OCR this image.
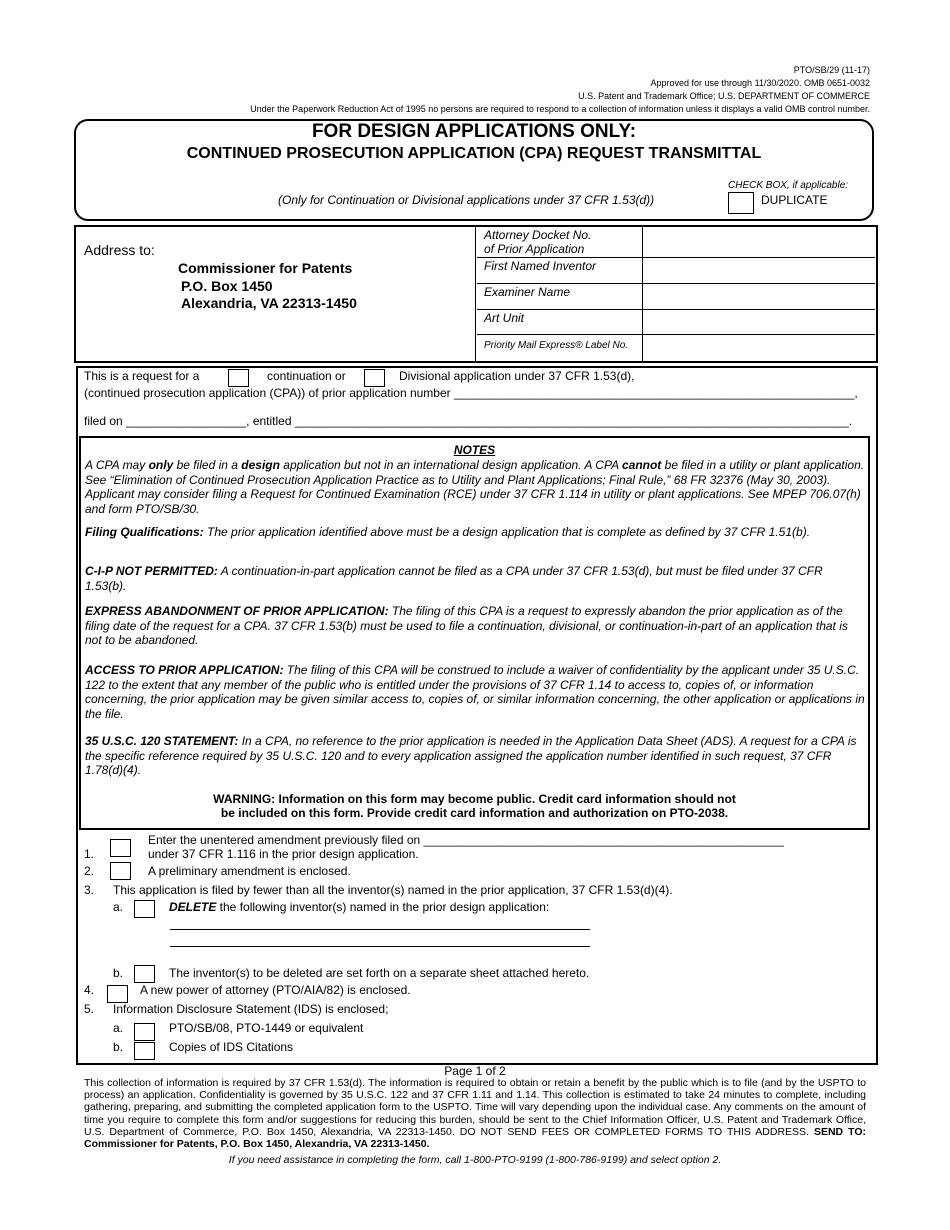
PTO/SB/29 (11-17)
Approved for use through 11/30/2020. OMB 0651-0032
U.S. Patent and Trademark Office; U.S. DEPARTMENT OF COMMERCE
Under the Paperwork Reduction Act of 1995 no persons are required to respond to a collection of information unless it displays a valid OMB control number.
FOR DESIGN APPLICATIONS ONLY:
CONTINUED PROSECUTION APPLICATION (CPA) REQUEST TRANSMITTAL
(Only for Continuation or Divisional applications under 37 CFR 1.53(d))
CHECK BOX, if applicable:
DUPLICATE
Address to:
Commissioner for Patents
P.O. Box 1450
Alexandria, VA 22313-1450
Attorney Docket No.
of Prior Application
First Named Inventor
Examiner Name
Art Unit
Priority Mail Express® Label No.
This is a request for a	continuation or	Divisional application under 37 CFR 1.53(d),
(continued prosecution application (CPA)) of prior application number ____________________________________________________________,
filed on __________________, entitled ___________________________________________________________________________________.
NOTES
A CPA may only be filed in a design application but not in an international design application. A CPA cannot be filed in a utility or plant application. See “Elimination of Continued Prosecution Application Practice as to Utility and Plant Applications; Final Rule,” 68 FR 32376 (May 30, 2003). Applicant may consider filing a Request for Continued Examination (RCE) under 37 CFR 1.114 in utility or plant applications. See MPEP 706.07(h) and form PTO/SB/30.
Filing Qualifications: The prior application identified above must be a design application that is complete as defined by 37 CFR 1.51(b).
C-I-P NOT PERMITTED: A continuation-in-part application cannot be filed as a CPA under 37 CFR 1.53(d), but must be filed under 37 CFR 1.53(b).
EXPRESS ABANDONMENT OF PRIOR APPLICATION: The filing of this CPA is a request to expressly abandon the prior application as of the filing date of the request for a CPA. 37 CFR 1.53(b) must be used to file a continuation, divisional, or continuation-in-part of an application that is not to be abandoned.
ACCESS TO PRIOR APPLICATION: The filing of this CPA will be construed to include a waiver of confidentiality by the applicant under 35 U.S.C. 122 to the extent that any member of the public who is entitled under the provisions of 37 CFR 1.14 to access to, copies of, or information concerning, the prior application may be given similar access to, copies of, or similar information concerning, the other application or applications in the file.
35 U.S.C. 120 STATEMENT: In a CPA, no reference to the prior application is needed in the Application Data Sheet (ADS). A request for a CPA is the specific reference required by 35 U.S.C. 120 and to every application assigned the application number identified in such request, 37 CFR 1.78(d)(4).
WARNING: Information on this form may become public. Credit card information should not
be included on this form. Provide credit card information and authorization on PTO-2038.
1.
Enter the unentered amendment previously filed on ______________________________________________________
under 37 CFR 1.116 in the prior design application.
2.	A preliminary amendment is enclosed.
3. This application is filed by fewer than all the inventor(s) named in the prior application, 37 CFR 1.53(d)(4).
a.	DELETE the following inventor(s) named in the prior design application:
b.	The inventor(s) to be deleted are set forth on a separate sheet attached hereto.
4.	A new power of attorney (PTO/AIA/82) is enclosed.
5. Information Disclosure Statement (IDS) is enclosed;
a.	PTO/SB/08, PTO-1449 or equivalent
b.	Copies of IDS Citations
Page 1 of 2
This collection of information is required by 37 CFR 1.53(d). The information is required to obtain or retain a benefit by the public which is to file (and by the USPTO to process) an application. Confidentiality is governed by 35 U.S.C. 122 and 37 CFR 1.11 and 1.14. This collection is estimated to take 24 minutes to complete, including gathering, preparing, and submitting the completed application form to the USPTO. Time will vary depending upon the individual case. Any comments on the amount of time you require to complete this form and/or suggestions for reducing this burden, should be sent to the Chief Information Officer, U.S. Patent and Trademark Office, U.S. Department of Commerce, P.O. Box 1450, Alexandria, VA 22313-1450. DO NOT SEND FEES OR COMPLETED FORMS TO THIS ADDRESS. SEND TO: Commissioner for Patents, P.O. Box 1450, Alexandria, VA 22313-1450.
If you need assistance in completing the form, call 1-800-PTO-9199 (1-800-786-9199) and select option 2.
